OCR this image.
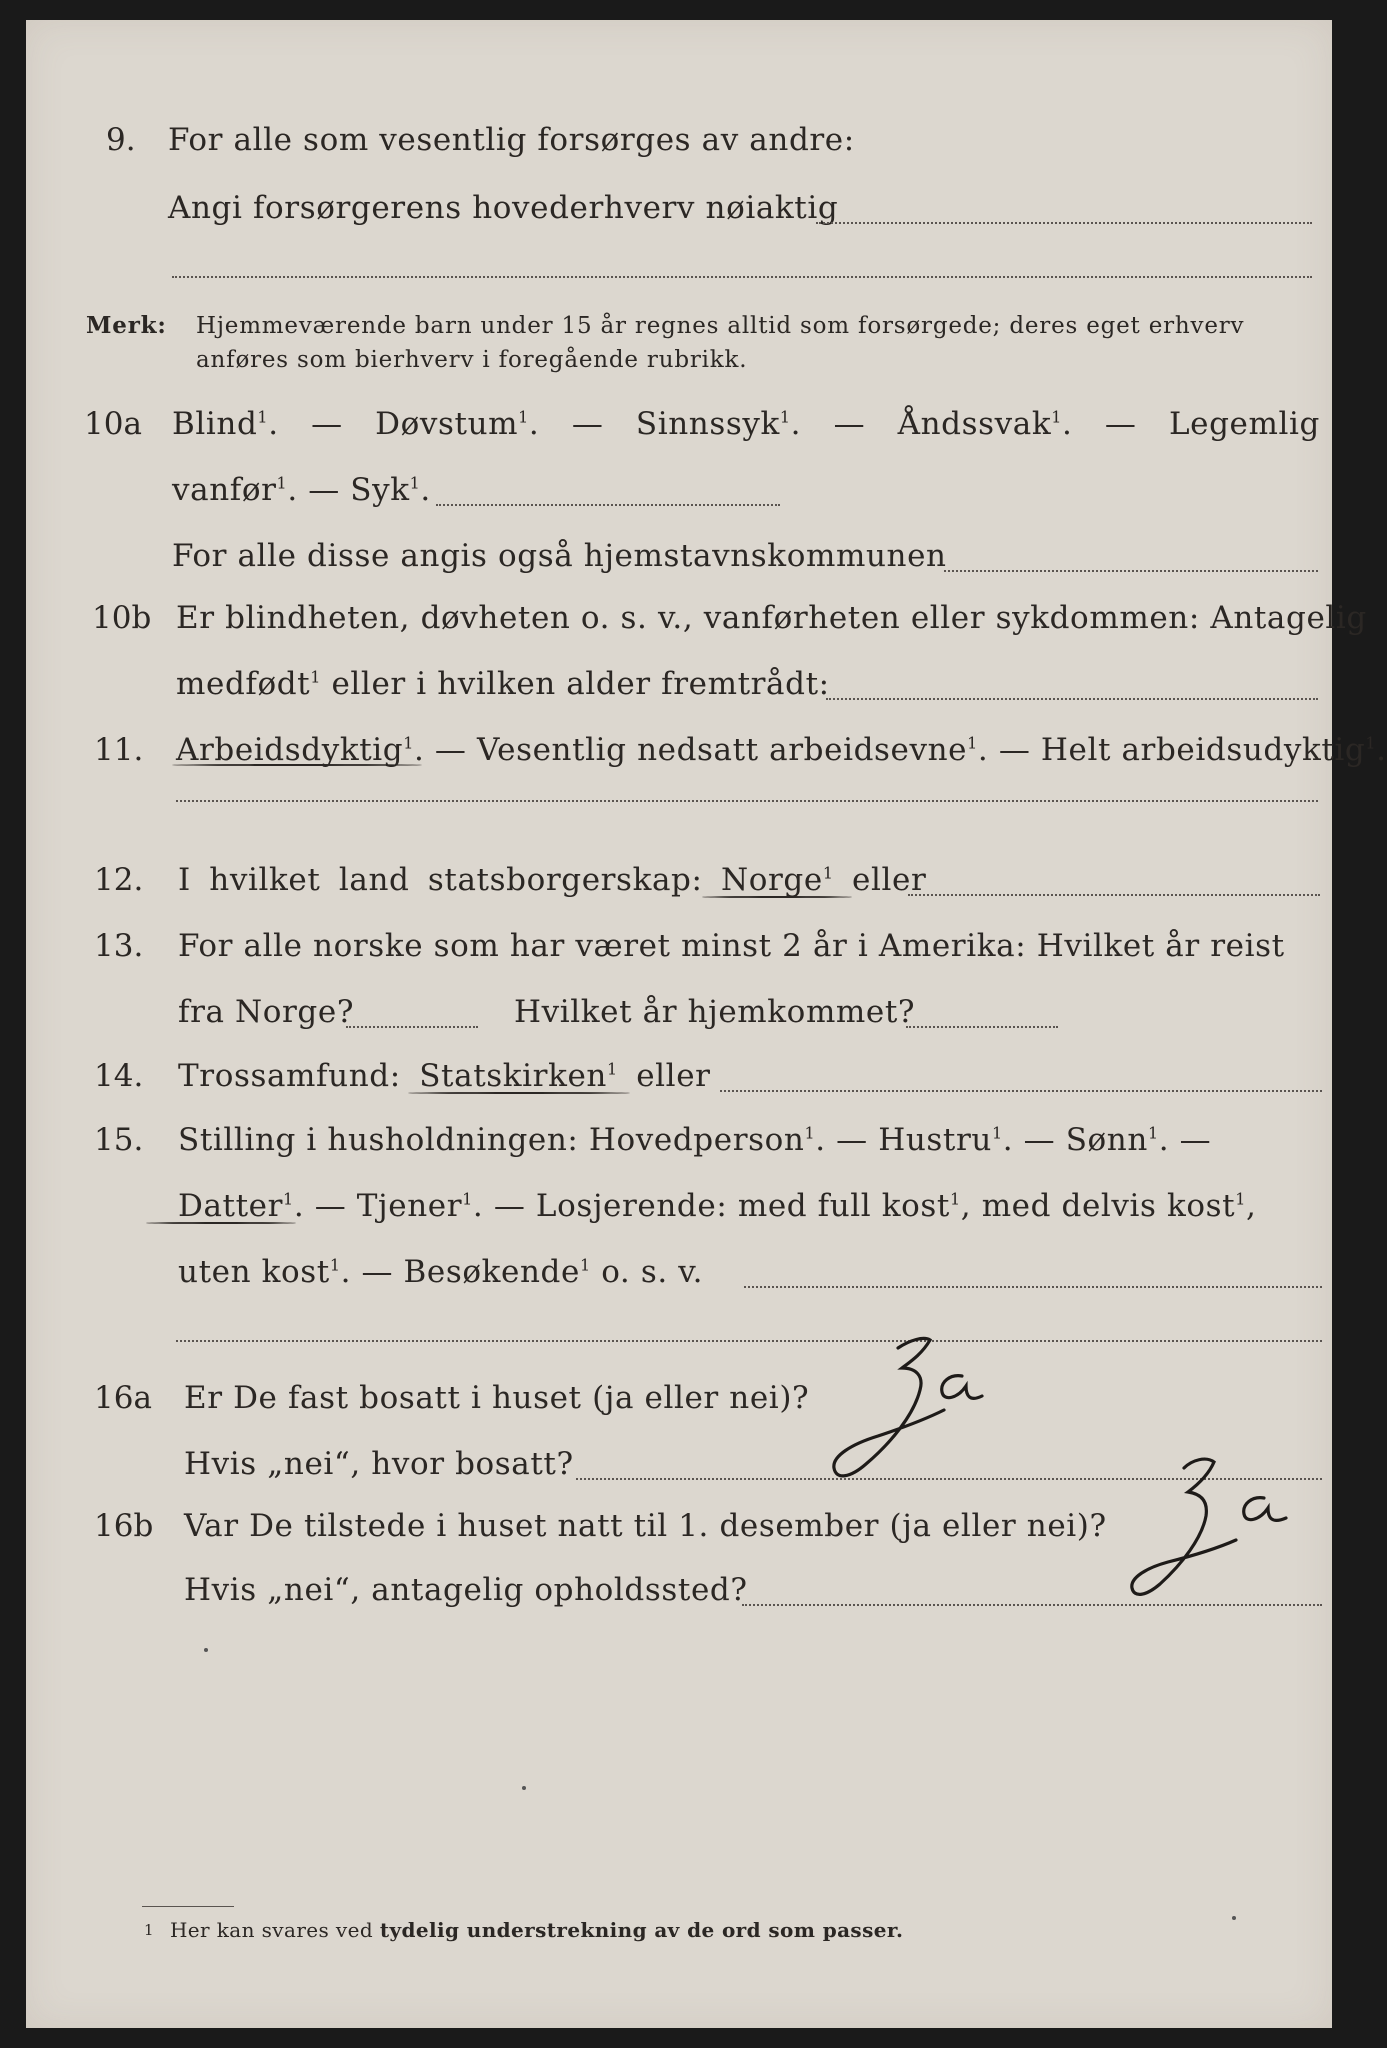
9. For alle som vesentlig forsørges av andre:
Angi forsørgerens hovederhverv nøiaktig
Merk: Hjemmeværende barn under 15 år regnes alltid som forsørgede; deres eget erhverv
anføres som bierhverv i foregående rubrikk.
10a Blind$^1$. — Døvstum$^1$. — Sinnssyk$^1$. — Åndssvak$^1$. — Legemlig
vanfør$^1$. — Syk$^1$.
For alle disse angis også hjemstavnskommunen
10b Er blindheten, døvheten o. s. v., vanførheten eller sykdommen: Antagelig
medfødt$^1$ eller i hvilken alder fremtrådt:
11. Arbeidsdyktig$^1$. — Vesentlig nedsatt arbeidsevne$^1$. — Helt arbeidsudyktig$^1$.
12. I hvilket land statsborgerskap: Norge$^1$ eller
13. For alle norske som har været minst 2 år i Amerika: Hvilket år reist
fra Norge?	Hvilket år hjemkommet?
14. Trossamfund: Statskirken$^1$ eller
15. Stilling i husholdningen: Hovedperson$^1$. — Hustru$^1$. — Sønn$^1$. —
Datter$^1$. — Tjener$^1$. — Losjerende: med full kost$^1$, med delvis kost$^1$,
uten kost$^1$. — Besøkende$^1$ o. s. v.
16a Er De fast bosatt i huset (ja eller nei)?
Hvis „nei“, hvor bosatt?
Ja
16b Var De tilstede i huset natt til 1. desember (ja eller nei)?
Hvis „nei“, antagelig opholdssted?
Ja
$^1$ Her kan svares ved tydelig understrekning av de ord som passer.
